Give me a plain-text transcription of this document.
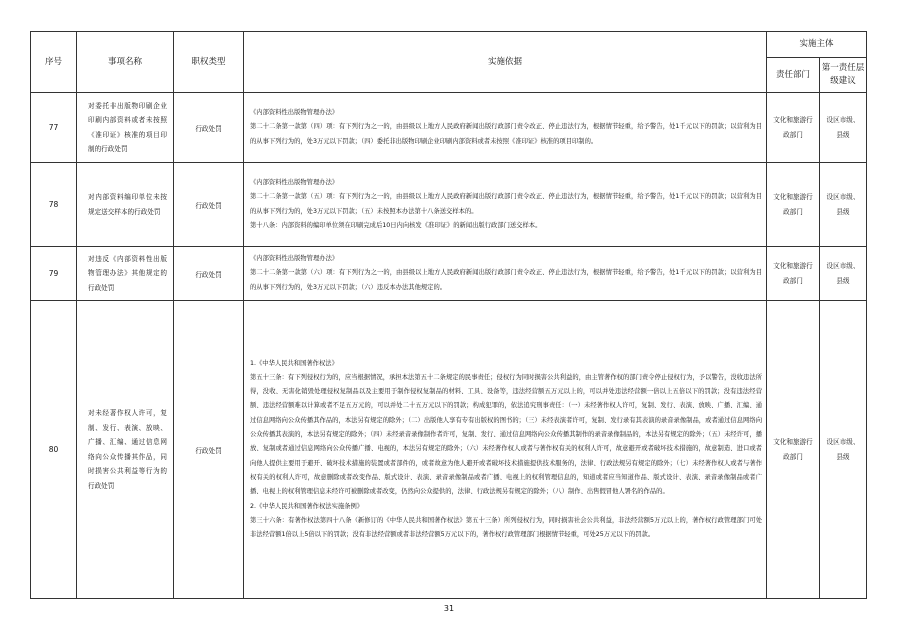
序号	事项名称	职权类型	实施依据	实施主体	
				责任部门	第一责任层级建议
77	对委托非出版物印刷企业印刷内部资料或者未按照《准印证》核准的项目印制的行政处罚	行政处罚	《内部资料性出版物管理办法》

第二十二条第一款第（四）项：有下列行为之一的，由县级以上地方人民政府新闻出版行政部门责令改正、停止违法行为，根据情节轻重，给予警告，处1千元以下的罚款；以营利为目的从事下列行为的，处3万元以下罚款；（四）委托非出版物印刷企业印刷内部资料或者未按照《准印证》核准的项目印制的。	文化和旅游行政部门	设区市级、县级
78	对内部资料编印单位未按规定送交样本的行政处罚	行政处罚	《内部资料性出版物管理办法》

第二十二条第一款第（五）项：有下列行为之一的，由县级以上地方人民政府新闻出版行政部门责令改正、停止违法行为，根据情节轻重，给予警告，处1千元以下的罚款；以营利为目的从事下列行为的，处3万元以下罚款；（五）未按照本办法第十八条送交样本的。

第十八条：内部资料的编印单位须在印刷完成后10日内向核发《准印证》的新闻出版行政部门送交样本。	文化和旅游行政部门	设区市级、县级
79	对违反《内部资料性出版物管理办法》其他规定的行政处罚	行政处罚	《内部资料性出版物管理办法》

第二十二条第一款第（六）项：有下列行为之一的，由县级以上地方人民政府新闻出版行政部门责令改正、停止违法行为，根据情节轻重，给予警告，处1千元以下的罚款；以营利为目的从事下列行为的，处3万元以下罚款；（六）违反本办法其他规定的。	文化和旅游行政部门	设区市级、县级
80	对未经著作权人许可，复制、发行、表演、放映、广播、汇编、通过信息网络向公众传播其作品，同时损害公共利益等行为的行政处罚	行政处罚	1.《中华人民共和国著作权法》

第五十三条：有下列侵权行为的，应当根据情况，承担本法第五十二条规定的民事责任；侵权行为同时损害公共利益的，由主管著作权的部门责令停止侵权行为，予以警告，没收违法所得，没收、无害化销毁处理侵权复制品以及主要用于制作侵权复制品的材料、工具、设备等，违法经营额五万元以上的，可以并处违法经营额一倍以上五倍以下的罚款；没有违法经营额、违法经营额难以计算或者不足五万元的，可以并处二十五万元以下的罚款；构成犯罪的，依法追究刑事责任：（一）未经著作权人许可，复制、发行、表演、放映、广播、汇编、通过信息网络向公众传播其作品的，本法另有规定的除外；（二）出版他人享有专有出版权的图书的；（三）未经表演者许可，复制、发行录有其表演的录音录像制品，或者通过信息网络向公众传播其表演的，本法另有规定的除外；（四）未经录音录像制作者许可，复制、发行、通过信息网络向公众传播其制作的录音录像制品的，本法另有规定的除外；（五）未经许可，播放、复制或者通过信息网络向公众传播广播、电视的，本法另有规定的除外；（六）未经著作权人或者与著作权有关的权利人许可，故意避开或者破坏技术措施的，故意制造、进口或者向他人提供主要用于避开、破坏技术措施的装置或者部件的，或者故意为他人避开或者破坏技术措施提供技术服务的，法律、行政法规另有规定的除外；（七）未经著作权人或者与著作权有关的权利人许可，故意删除或者改变作品、版式设计、表演、录音录像制品或者广播、电视上的权利管理信息的，知道或者应当知道作品、版式设计、表演、录音录像制品或者广播、电视上的权利管理信息未经许可被删除或者改变，仍然向公众提供的，法律、行政法规另有规定的除外；（八）制作、出售假冒他人署名的作品的。

2.《中华人民共和国著作权法实施条例》

第三十六条：有著作权法第四十八条（新修订的《中华人民共和国著作权法》第五十三条）所列侵权行为，同时损害社会公共利益，非法经营额5万元以上的，著作权行政管理部门可处非法经营额1倍以上5倍以下的罚款；没有非法经营额或者非法经营额5万元以下的，著作权行政管理部门根据情节轻重，可处25万元以下的罚款。	文化和旅游行政部门	设区市级、县级
31
